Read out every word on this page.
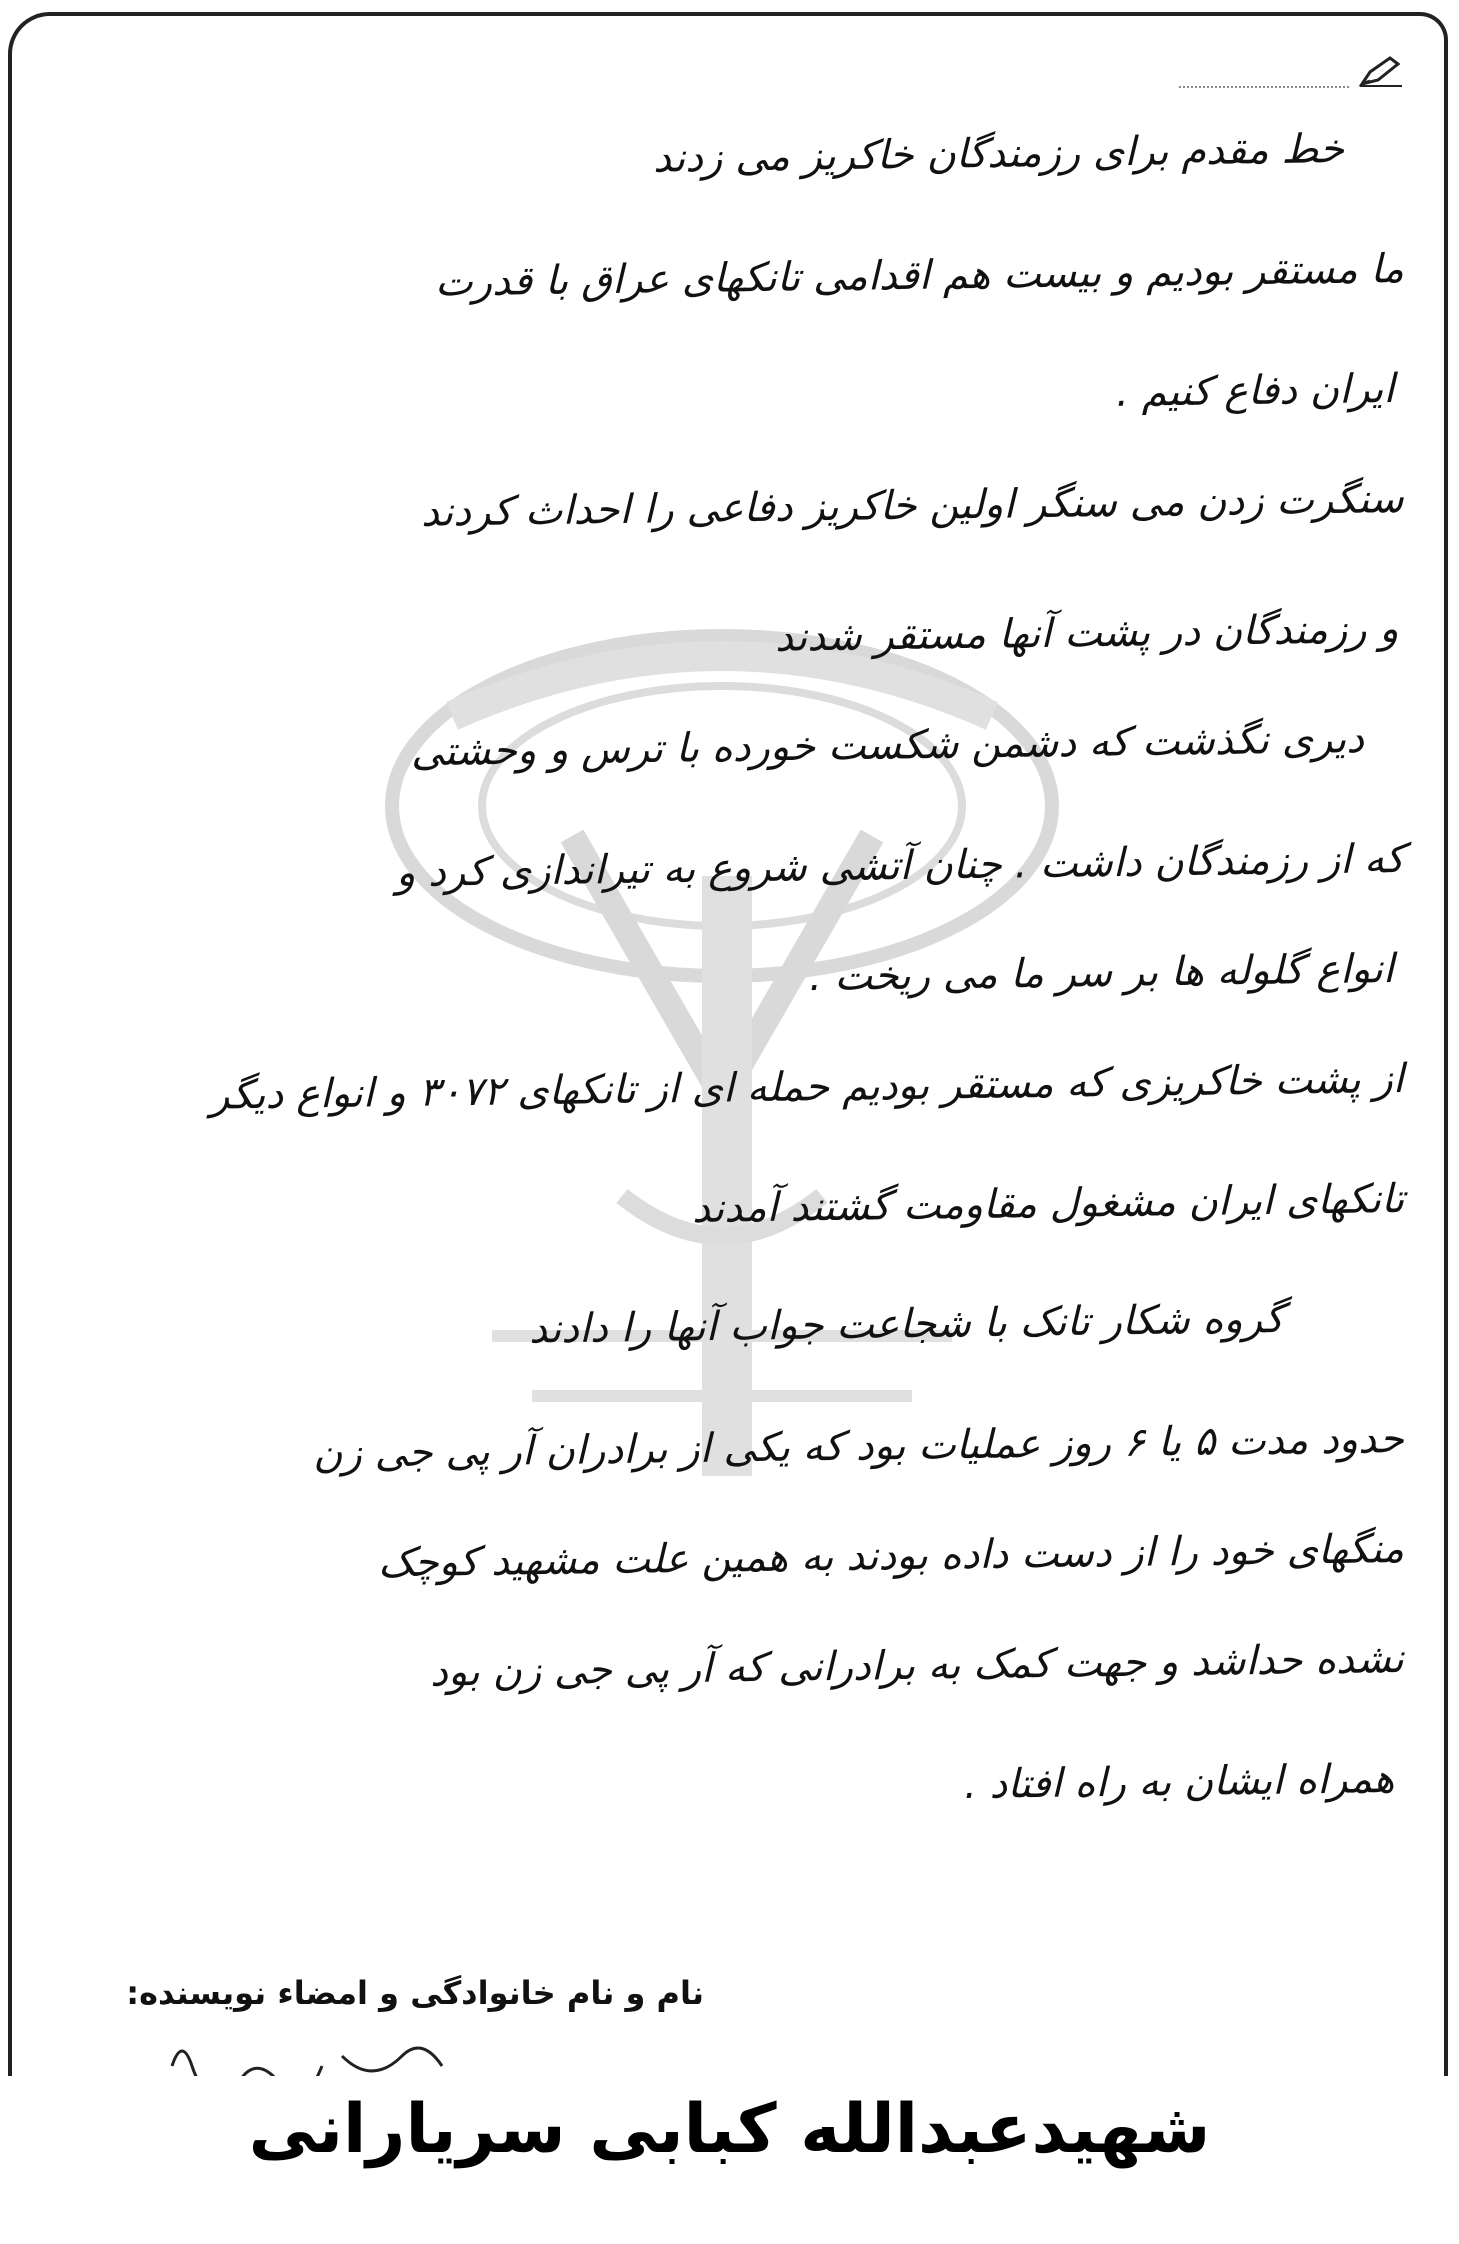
خط مقدم برای رزمندگان خاکریز می زدند
ما مستقر بودیم و بیست هم اقدامی تانکهای عراق با قدرت
ایران دفاع کنیم .
سنگرت زدن می سنگر اولین خاکریز دفاعی را احداث کردند
و رزمندگان در پشت آنها مستقر شدند
دیری نگذشت که دشمن شکست خورده با ترس و وحشتی
که از رزمندگان داشت . چنان آتشی شروع به تیراندازی کرد و
انواع گلوله ها بر سر ما می ریخت .
از پشت خاکریزی که مستقر بودیم حمله ای از تانکهای ٣٠٧٢ و انواع دیگر
تانکهای ایران مشغول مقاومت گشتند آمدند
گروه شکار تانک با شجاعت جواب آنها را دادند
حدود مدت ۵ یا ۶ روز عملیات بود که یکی از برادران آر پی جی زن
منگهای خود را از دست داده بودند به همین علت مشهید کوچک
نشده حداشد و جهت کمک به برادرانی که آر پی جی زن بود
همراه ایشان به راه افتاد .
نام و نام خانوادگی و امضاء نویسنده:
شهیدعبدالله کبابی سریارانی
